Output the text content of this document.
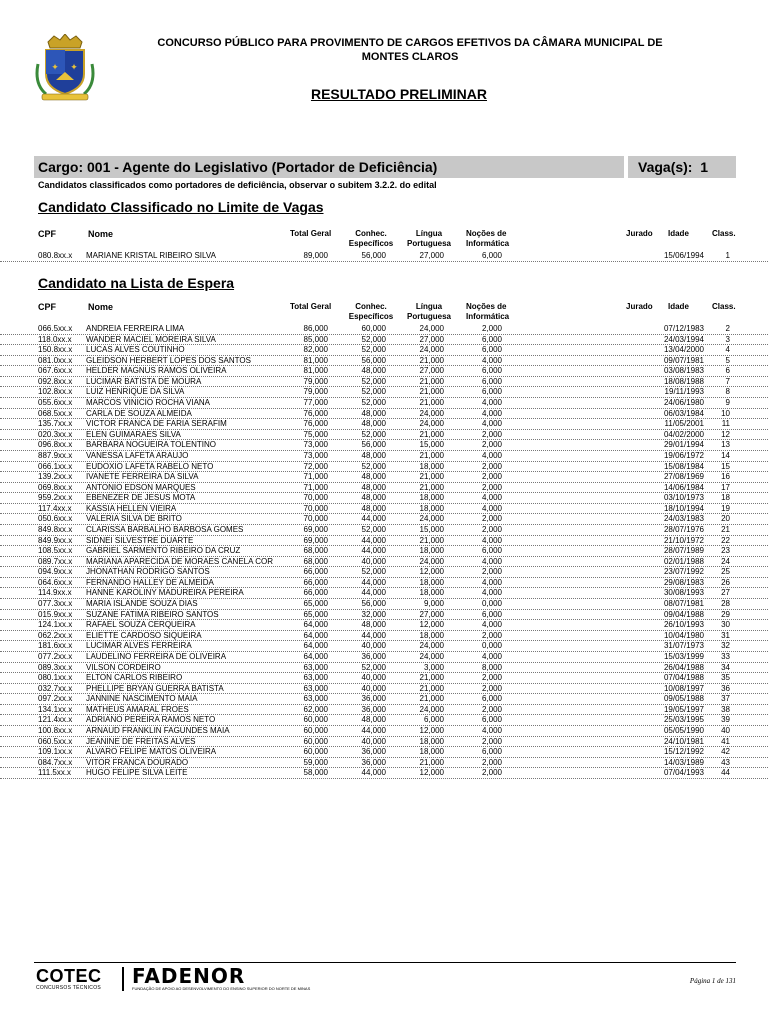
✦ ✦
CONCURSO PÚBLICO PARA PROVIMENTO DE CARGOS EFETIVOS DA CÂMARA MUNICIPAL DE
MONTES CLAROS
RESULTADO PRELIMINAR
Cargo: 001 - Agente do Legislativo (Portador de Deficiência)	Vaga(s): 1
Candidatos classificados como portadores de deficiência, observar o subitem 3.2.2. do edital
Candidato Classificado no Limite de Vagas
CPF	Nome	Total Geral	Conhec.
Específicos
Língua
Portuguesa
Noções de
Informática
Jurado Idade	Class.
080.8xx.x MARIANE KRISTAL RIBEIRO SILVA	89,000	56,000	27,000	6,000	15/06/1994	1
Candidato na Lista de Espera
CPF	Nome	Total Geral	Conhec.
Específicos
Língua
Portuguesa
Noções de
Informática
Jurado Idade	Class.
066.5xx.x ANDREIA FERREIRA LIMA	86,000	60,000	24,000	2,000	07/12/1983	2
118.0xx.x WANDER MACIEL MOREIRA SILVA	85,000	52,000	27,000	6,000	24/03/1994	3
150.8xx.x LUCAS ALVES COUTINHO	82,000	52,000	24,000	6,000	13/04/2000	4
081.0xx.x GLEIDSON HERBERT LOPES DOS SANTOS	81,000	56,000	21,000	4,000	09/07/1981	5
067.6xx.x HELDER MAGNUS RAMOS OLIVEIRA	81,000	48,000	27,000	6,000	03/08/1983	6
092.8xx.x LUCIMAR BATISTA DE MOURA	79,000	52,000	21,000	6,000	18/08/1988	7
102.8xx.x LUIZ HENRIQUE DA SILVA	79,000	52,000	21,000	6,000	19/11/1993	8
055.6xx.x MARCOS VINICIO ROCHA VIANA	77,000	52,000	21,000	4,000	24/06/1980	9
068.5xx.x CARLA DE SOUZA ALMEIDA	76,000	48,000	24,000	4,000	06/03/1984	10
135.7xx.x VICTOR FRANCA DE FARIA SERAFIM	76,000	48,000	24,000	4,000	11/05/2001	11
020.3xx.x ELEN GUIMARAES SILVA	75,000	52,000	21,000	2,000	04/02/2000	12
096.8xx.x BARBARA NOGUEIRA TOLENTINO	73,000	56,000	15,000	2,000	29/01/1994	13
887.9xx.x VANESSA LAFETA ARAUJO	73,000	48,000	21,000	4,000	19/06/1972	14
066.1xx.x EUDOXIO LAFETA RABELO NETO	72,000	52,000	18,000	2,000	15/08/1984	15
139.2xx.x IVANETE FERREIRA DA SILVA	71,000	48,000	21,000	2,000	27/08/1969	16
069.8xx.x ANTONIO EDSON MARQUES	71,000	48,000	21,000	2,000	14/06/1984	17
959.2xx.x EBENEZER DE JESUS MOTA	70,000	48,000	18,000	4,000	03/10/1973	18
117.4xx.x KASSIA HELLEN VIEIRA	70,000	48,000	18,000	4,000	18/10/1994	19
050.6xx.x VALERIA SILVA DE BRITO	70,000	44,000	24,000	2,000	24/03/1983	20
849.8xx.x CLARISSA BARBALHO BARBOSA GOMES	69,000	52,000	15,000	2,000	28/07/1976	21
849.9xx.x SIDNEI SILVESTRE DUARTE	69,000	44,000	21,000	4,000	21/10/1972	22
108.5xx.x GABRIEL SARMENTO RIBEIRO DA CRUZ	68,000	44,000	18,000	6,000	28/07/1989	23
089.7xx.x MARIANA APARECIDA DE MORAES CANELA COR	68,000	40,000	24,000	4,000	02/01/1988	24
094.9xx.x JHONATHAN RODRIGO SANTOS	66,000	52,000	12,000	2,000	23/07/1992	25
064.6xx.x FERNANDO HALLEY DE ALMEIDA	66,000	44,000	18,000	4,000	29/08/1983	26
114.9xx.x HANNE KAROLINY MADUREIRA PEREIRA	66,000	44,000	18,000	4,000	30/08/1993	27
077.3xx.x MARIA ISLANDE SOUZA DIAS	65,000	56,000	9,000	0,000	08/07/1981	28
015.9xx.x SUZANE FATIMA RIBEIRO SANTOS	65,000	32,000	27,000	6,000	09/04/1988	29
124.1xx.x RAFAEL SOUZA CERQUEIRA	64,000	48,000	12,000	4,000	26/10/1993	30
062.2xx.x ELIETTE CARDOSO SIQUEIRA	64,000	44,000	18,000	2,000	10/04/1980	31
181.6xx.x LUCIMAR ALVES FERREIRA	64,000	40,000	24,000	0,000	31/07/1973	32
077.2xx.x LAUDELINO FERREIRA DE OLIVEIRA	64,000	36,000	24,000	4,000	15/03/1999	33
089.3xx.x VILSON CORDEIRO	63,000	52,000	3,000	8,000	26/04/1988	34
080.1xx.x ELTON CARLOS RIBEIRO	63,000	40,000	21,000	2,000	07/04/1988	35
032.7xx.x PHELLIPE BRYAN GUERRA BATISTA	63,000	40,000	21,000	2,000	10/08/1997	36
097.2xx.x JANNINE NASCIMENTO MAIA	63,000	36,000	21,000	6,000	09/05/1988	37
134.1xx.x MATHEUS AMARAL FROES	62,000	36,000	24,000	2,000	19/05/1997	38
121.4xx.x ADRIANO PEREIRA RAMOS NETO	60,000	48,000	6,000	6,000	25/03/1995	39
100.8xx.x ARNAUD FRANKLIN FAGUNDES MAIA	60,000	44,000	12,000	4,000	05/05/1990	40
060.5xx.x JEANINE DE FREITAS ALVES	60,000	40,000	18,000	2,000	24/10/1981	41
109.1xx.x ALVARO FELIPE MATOS OLIVEIRA	60,000	36,000	18,000	6,000	15/12/1992	42
084.7xx.x VITOR FRANCA DOURADO	59,000	36,000	21,000	2,000	14/03/1989	43
111.5xx.x HUGO FELIPE SILVA LEITE	58,000	44,000	12,000	2,000	07/04/1993	44
COTEC
CONCURSOS TÉCNICOS FADENOR
FUNDAÇÃO DE APOIO AO DESENVOLVIMENTO DO ENSINO SUPERIOR DO NORTE DE MINAS
Página 1 de 131
